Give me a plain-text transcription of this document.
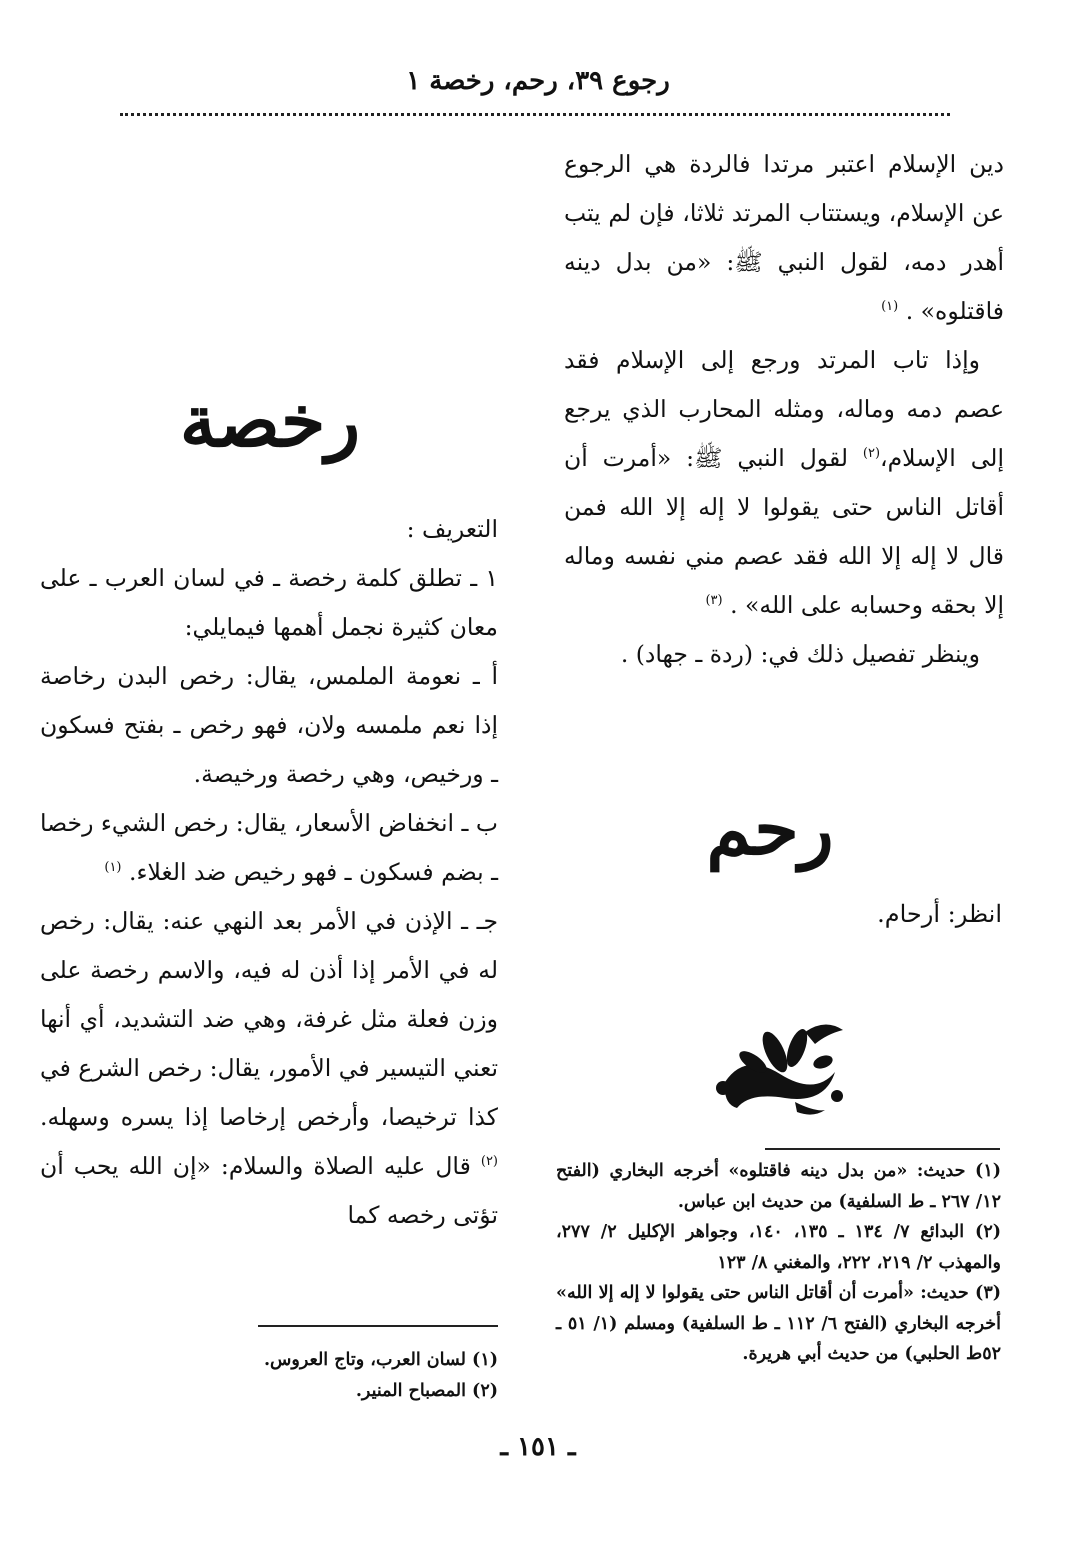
رجوع ٣٩، رحم، رخصة ١

دين الإسلام اعتبر مرتدا فالردة هي الرجوع عن الإسلام، ويستتاب المرتد ثلاثا، فإن لم يتب أهدر دمه، لقول النبي ﷺ: «من بدل دينه فاقتلوه» . $^{(١)}$

وإذا تاب المرتد ورجع إلى الإسلام فقد عصم دمه وماله، ومثله المحارب الذي يرجع إلى الإسلام،$^{(٢)}$ لقول النبي ﷺ: «أمرت أن أقاتل الناس حتى يقولوا لا إله إلا الله فمن قال لا إله إلا الله فقد عصم مني نفسه وماله إلا بحقه وحسابه على الله» . $^{(٣)}$

وينظر تفصيل ذلك في: (ردة ـ جهاد) .

رخصة
رحم
انظر: أرحام.

التعريف :

١ ـ تطلق كلمة رخصة ـ في لسان العرب ـ على معان كثيرة نجمل أهمها فيمايلي:

أ ـ نعومة الملمس، يقال: رخص البدن رخاصة إذا نعم ملمسه ولان، فهو رخص ـ بفتح فسكون ـ ورخيص، وهي رخصة ورخيصة.

ب ـ انخفاض الأسعار، يقال: رخص الشيء رخصا ـ بضم فسكون ـ فهو رخيص ضد الغلاء. $^{(١)}$

جـ ـ الإذن في الأمر بعد النهي عنه: يقال: رخص له في الأمر إذا أذن له فيه، والاسم رخصة على وزن فعلة مثل غرفة، وهي ضد التشديد، أي أنها تعني التيسير في الأمور، يقال: رخص الشرع في كذا ترخيصا، وأرخص إرخاصا إذا يسره وسهله. $^{(٢)}$ قال عليه الصلاة والسلام: «إن الله يحب أن تؤتى رخصه كما

(١) حديث: «من بدل دينه فاقتلوه» أخرجه البخاري (الفتح ١٢/ ٢٦٧ ـ ط السلفية) من حديث ابن عباس.

(٢) البدائع ٧/ ١٣٤ ـ ١٣٥، ١٤٠، وجواهر الإكليل ٢/ ٢٧٧، والمهذب ٢/ ٢١٩، ٢٢٢، والمغني ٨/ ١٢٣

(٣) حديث: «أمرت أن أقاتل الناس حتى يقولوا لا إله إلا الله» أخرجه البخاري (الفتح ٦/ ١١٢ ـ ط السلفية) ومسلم (١/ ٥١ ـ ٥٢ط الحلبي) من حديث أبي هريرة.

(١) لسان العرب، وتاج العروس.

(٢) المصباح المنير.

ـ ١٥١ ـ
